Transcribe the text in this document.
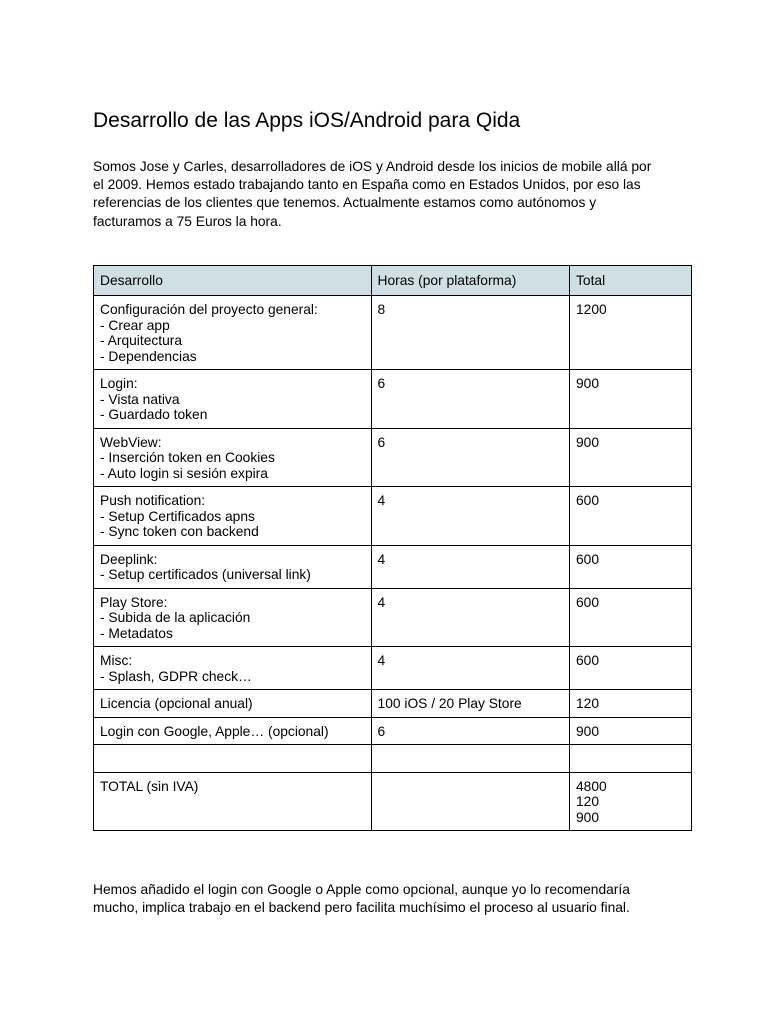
Desarrollo de las Apps iOS/Android para Qida

Somos Jose y Carles, desarrolladores de iOS y Android desde los inicios de mobile allá por
el 2009. Hemos estado trabajando tanto en España como en Estados Unidos, por eso las
referencias de los clientes que tenemos. Actualmente estamos como autónomos y
facturamos a 75 Euros la hora.

Desarrollo	Horas (por plataforma)	Total

Configuración del proyecto general:
- Crear app
- Arquitectura
- Dependencias	8	1200

Login:
- Vista nativa
- Guardado token	6	900

WebView:
- Inserción token en Cookies
- Auto login si sesión expira	6	900

Push notification:
- Setup Certificados apns
- Sync token con backend	4	600

Deeplink:
- Setup certificados (universal link)	4	600

Play Store:
- Subida de la aplicación
- Metadatos	4	600

Misc:
- Splash, GDPR check…	4	600

Licencia (opcional anual)	100 iOS / 20 Play Store	120

Login con Google, Apple… (opcional)	6	900

TOTAL (sin IVA)		4800
120
900

Hemos añadido el login con Google o Apple como opcional, aunque yo lo recomendaría
mucho, implica trabajo en el backend pero facilita muchísimo el proceso al usuario final.
